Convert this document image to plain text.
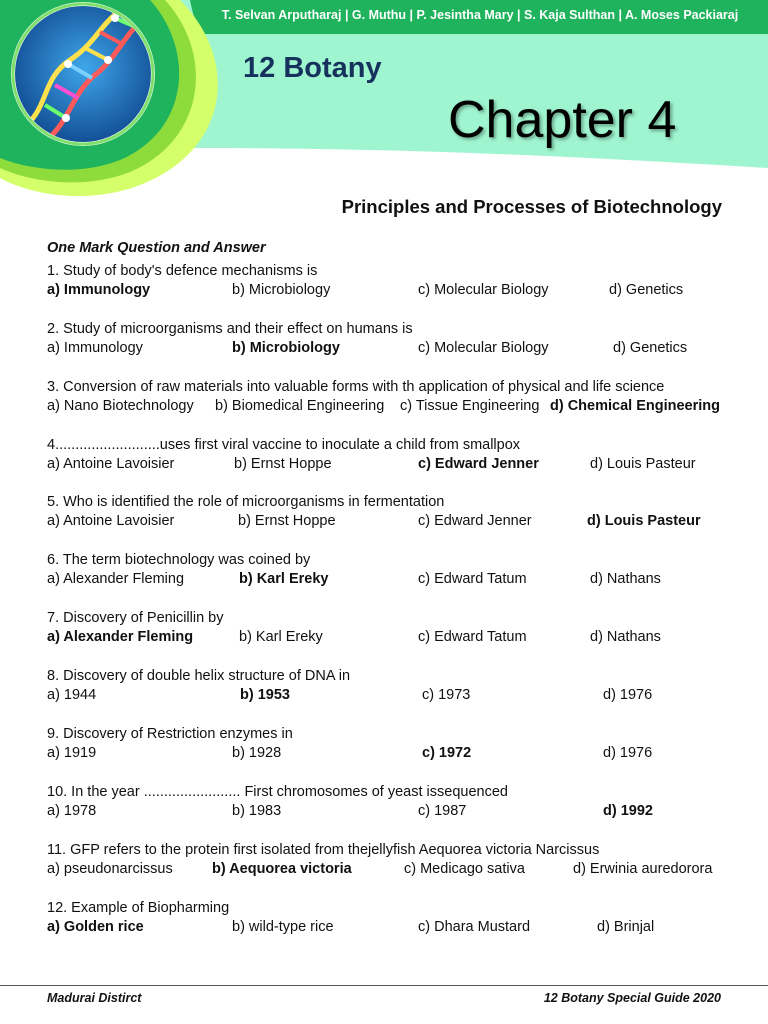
T. Selvan Arputharaj | G. Muthu | P. Jesintha Mary | S. Kaja Sulthan | A. Moses Packiaraj
12 Botany
Chapter 4
Principles and Processes of Biotechnology
One Mark Question and Answer
1. Study of body's defence mechanisms is
a) Immunology	b) Microbiology	c) Molecular Biology	d) Genetics
2. Study of microorganisms and their effect on humans is
a) Immunology	b) Microbiology	c) Molecular Biology	d) Genetics
3. Conversion of raw materials into valuable forms with th application of physical and life science
a) Nano Biotechnology b) Biomedical Engineering c) Tissue Engineering d) Chemical Engineering
4..........................uses first viral vaccine to inoculate a child from smallpox
a) Antoine Lavoisier	b) Ernst Hoppe	c) Edward Jenner	d) Louis Pasteur
5. Who is identified the role of microorganisms in fermentation
a) Antoine Lavoisier	b) Ernst Hoppe	c) Edward Jenner	d) Louis Pasteur
6. The term biotechnology was coined by
a) Alexander Fleming	b) Karl Ereky	c) Edward Tatum	d) Nathans
7. Discovery of Penicillin by
a) Alexander Fleming	b) Karl Ereky	c) Edward Tatum	d) Nathans
8. Discovery of double helix structure of DNA in
a) 1944	b) 1953	c) 1973	d) 1976
9. Discovery of Restriction enzymes in
a) 1919	b) 1928	c) 1972	d) 1976
10. In the year ........................ First chromosomes of yeast issequenced
a) 1978	b) 1983	c) 1987	d) 1992
11. GFP refers to the protein first isolated from thejellyfish Aequorea victoria Narcissus
a) pseudonarcissus	b) Aequorea victoria	c) Medicago sativa	d) Erwinia auredorora
12. Example of Biopharming
a) Golden rice	b) wild-type rice	c) Dhara Mustard	d) Brinjal
Madurai Distirct	12 Botany Special Guide 2020
